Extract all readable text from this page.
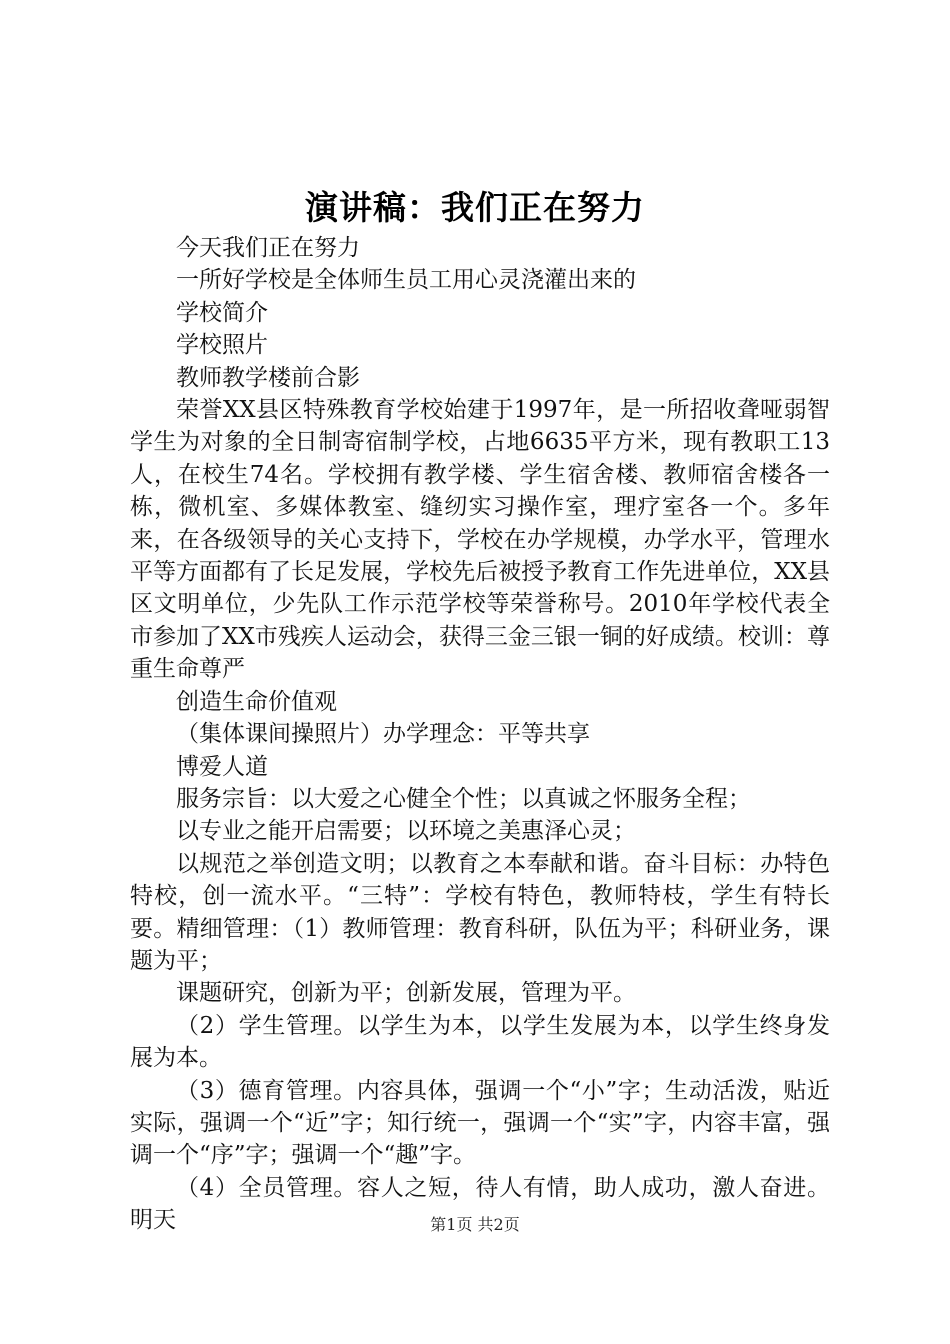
演讲稿：我们正在努力

今天我们正在努力

一所好学校是全体师生员工用心灵浇灌出来的

学校简介

学校照片

教师教学楼前合影

荣誉XX县区特殊教育学校始建于1997年，是一所招收聋哑弱智学生为对象的全日制寄宿制学校，占地6635平方米，现有教职工13人，在校生74名。学校拥有教学楼、学生宿舍楼、教师宿舍楼各一栋，微机室、多媒体教室、缝纫实习操作室，理疗室各一个。多年来，在各级领导的关心支持下，学校在办学规模，办学水平，管理水平等方面都有了长足发展，学校先后被授予教育工作先进单位，XX县区文明单位，少先队工作示范学校等荣誉称号。2010年学校代表全市参加了XX市残疾人运动会，获得三金三银一铜的好成绩。校训：尊重生命尊严

创造生命价值观

（集体课间操照片）办学理念：平等共享

博爱人道

服务宗旨：以大爱之心健全个性；以真诚之怀服务全程；

以专业之能开启需要；以环境之美惠泽心灵；

以规范之举创造文明；以教育之本奉献和谐。奋斗目标：办特色特校，创一流水平。“三特”：学校有特色，教师特枝，学生有特长要。精细管理：（1）教师管理：教育科研，队伍为平；科研业务，课题为平；

课题研究，创新为平；创新发展，管理为平。

（2）学生管理。以学生为本，以学生发展为本，以学生终身发展为本。

（3）德育管理。内容具体，强调一个“小”字；生动活泼，贴近实际，强调一个“近”字；知行统一，强调一个“实”字，内容丰富，强调一个“序”字；强调一个“趣”字。

（4）全员管理。容人之短，待人有情，助人成功，激人奋进。明天	第1页 共2页
